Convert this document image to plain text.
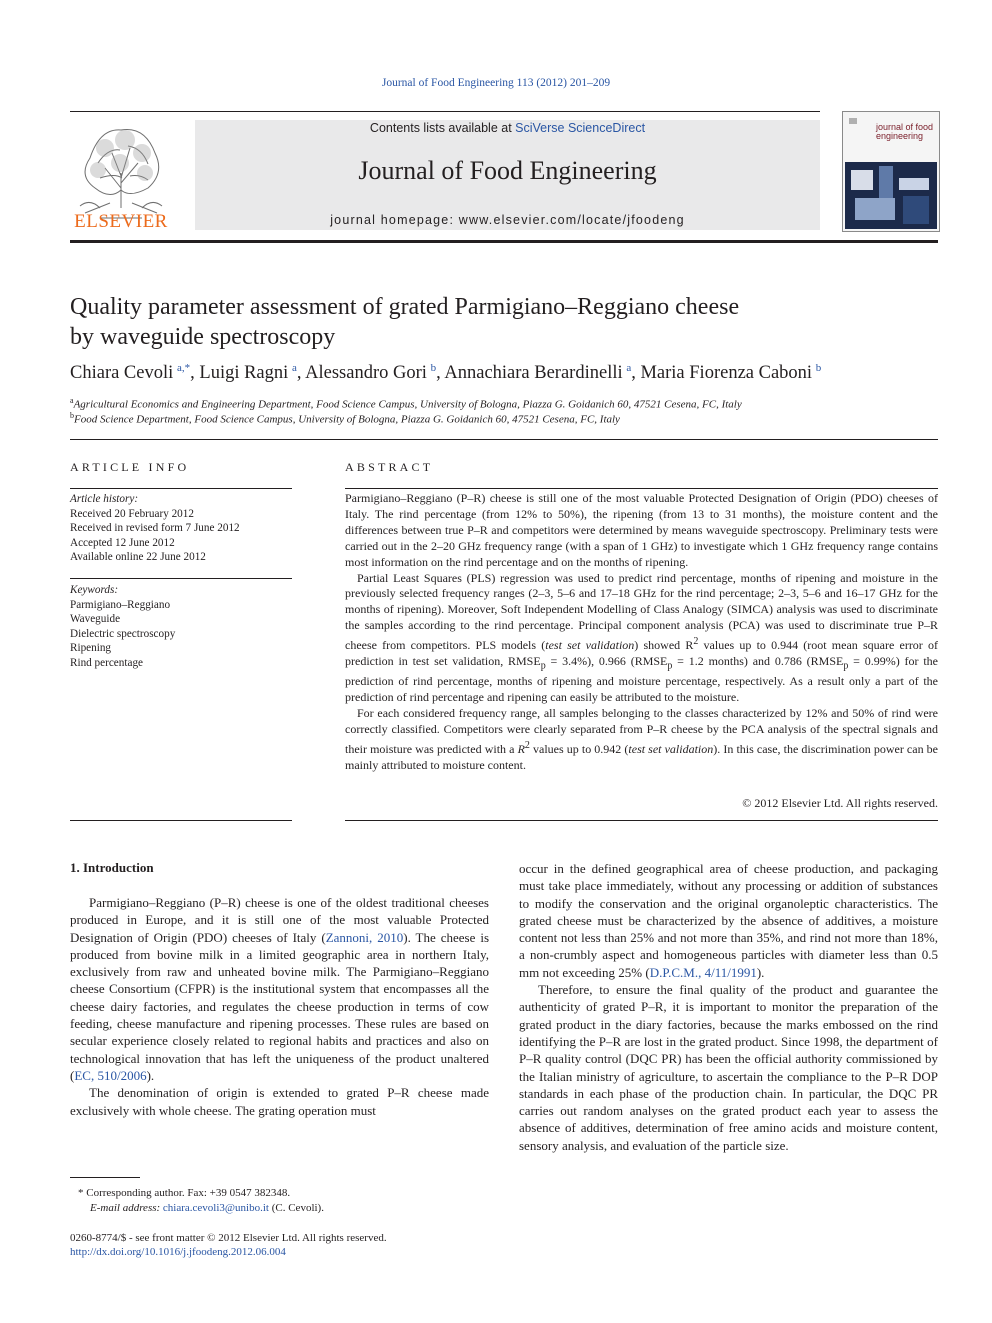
Journal of Food Engineering 113 (2012) 201–209
ELSEVIER
Contents lists available at SciVerse ScienceDirect
Journal of Food Engineering
journal homepage: www.elsevier.com/locate/jfoodeng
journal of food engineering
Quality parameter assessment of grated Parmigiano–Reggiano cheese
by waveguide spectroscopy
Chiara Cevoli  $^{a,*}$, Luigi Ragni  $^a$, Alessandro Gori  $^b$, Annachiara Berardinelli  $^a$, Maria Fiorenza Caboni  $^b$
$^a$Agricultural Economics and Engineering Department, Food Science Campus, University of Bologna, Piazza G. Goidanich 60, 47521 Cesena, FC, Italy
$^b$Food Science Department, Food Science Campus, University of Bologna, Piazza G. Goidanich 60, 47521 Cesena, FC, Italy
ARTICLE INFO
Article history:
Received 20 February 2012
Received in revised form 7 June 2012
Accepted 12 June 2012
Available online 22 June 2012
Keywords:
Parmigiano–Reggiano
Waveguide
Dielectric spectroscopy
Ripening
Rind percentage
ABSTRACT

Parmigiano–Reggiano (P–R) cheese is still one of the most valuable Protected Designation of Origin (PDO) cheeses of Italy. The rind percentage (from 12% to 50%), the ripening (from 13 to 31 months), the moisture content and the differences between true P–R and competitors were determined by means waveguide spectroscopy. Preliminary tests were carried out in the 2–20 GHz frequency range (with a span of 1 GHz) to investigate which 1 GHz frequency range contains most information on the rind percentage and on the months of ripening.

Partial Least Squares (PLS) regression was used to predict rind percentage, months of ripening and moisture in the previously selected frequency ranges (2–3, 5–6 and 17–18 GHz for the rind percentage; 2–3, 5–6 and 16–17 GHz for the months of ripening). Moreover, Soft Independent Modelling of Class Analogy (SIMCA) analysis was used to discriminate the samples according to the rind percentage. Principal component analysis (PCA) was used to discriminate true P–R cheese from competitors. PLS models (test set validation) showed $R^2$ values up to 0.944 (root mean square error of prediction in test set validation, $RMSE_p = 3.4\%$), 0.966 ($RMSE_p = 1.2$ months) and 0.786 $(RMSE_p = 0.99\%)$ for the prediction of rind percentage, months of ripening and moisture percentage, respectively. As a result only a part of the prediction of rind percentage and ripening can easily be attributed to the moisture.

For each considered frequency range, all samples belonging to the classes characterized by 12% and 50% of rind were correctly classified. Competitors were clearly separated from P–R cheese by the PCA analysis of the spectral signals and their moisture was predicted with a $R^2$ values up to 0.942 (test set validation). In this case, the discrimination power can be mainly attributed to moisture content.

© 2012 Elsevier Ltd. All rights reserved.
1. Introduction

Parmigiano–Reggiano (P–R) cheese is one of the oldest traditional cheeses produced in Europe, and it is still one of the most valuable Protected Designation of Origin (PDO) cheeses of Italy (Zannoni, 2010). The cheese is produced from bovine milk in a limited geographic area in northern Italy, exclusively from raw and unheated bovine milk. The Parmigiano–Reggiano cheese Consortium (CFPR) is the institutional system that encompasses all the cheese dairy factories, and regulates the cheese production in terms of cow feeding, cheese manufacture and ripening processes. These rules are based on secular experience closely related to regional habits and practices and also on technological innovation that has left the uniqueness of the product unaltered (EC, 510/2006).

The denomination of origin is extended to grated P–R cheese made exclusively with whole cheese. The grating operation must

occur in the defined geographical area of cheese production, and packaging must take place immediately, without any processing or addition of substances to modify the conservation and the original organoleptic characteristics. The grated cheese must be characterized by the absence of additives, a moisture content not less than 25% and not more than 35%, and rind not more than 18%, a non-crumbly aspect and homogeneous particles with diameter less than 0.5 mm not exceeding 25% (D.P.C.M., 4/11/1991).

Therefore, to ensure the final quality of the product and guarantee the authenticity of grated P–R, it is important to monitor the preparation of the grated product in the diary factories, because the marks embossed on the rind identifying the P–R are lost in the grated product. Since 1998, the department of P–R quality control (DQC PR) has been the official authority commissioned by the Italian ministry of agriculture, to ascertain the compliance to the P–R DOP standards in each phase of the production chain. In particular, the DQC PR carries out random analyses on the grated product each year to assess the absence of additives, determination of free amino acids and moisture content, sensory analysis, and evaluation of the particle size.

* Corresponding author. Fax: +39 0547 382348.
E-mail address: chiara.cevoli3@unibo.it (C. Cevoli).
0260-8774/$ - see front matter © 2012 Elsevier Ltd. All rights reserved.
http://dx.doi.org/10.1016/j.jfoodeng.2012.06.004
